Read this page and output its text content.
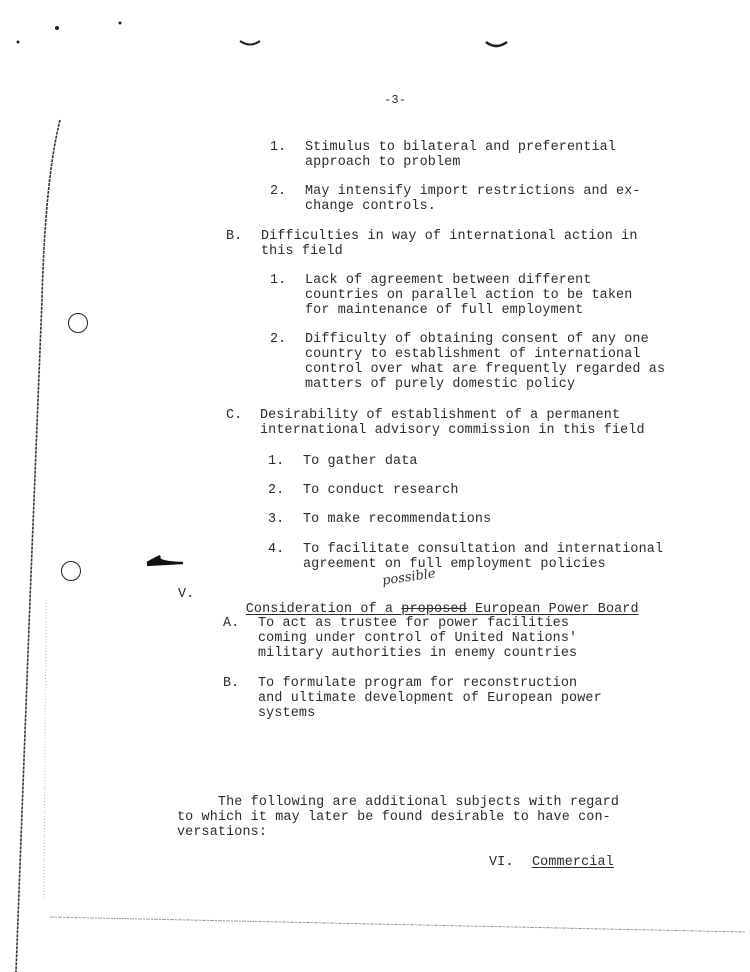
-3-
1. Stimulus to bilateral and preferential
approach to problem
2. May intensify import restrictions and ex-
change controls.
B. Difficulties in way of international action in
this field
1. Lack of agreement between different
countries on parallel action to be taken
for maintenance of full employment
2. Difficulty of obtaining consent of any one
country to establishment of international
control over what are frequently regarded as
matters of purely domestic policy
C. Desirability of establishment of a permanent
international advisory commission in this field
1. To gather data
2. To conduct research
3. To make recommendations
4. To facilitate consultation and international
agreement on full employment policies
V.

Consideration of a proposed European Power Board

possible
A. To act as trustee for power facilities
coming under control of United Nations'
military authorities in enemy countries
B. To formulate program for reconstruction
and ultimate development of European power
systems
The following are additional subjects with regard
to which it may later be found desirable to have con-
versations:
VI. Commercial
